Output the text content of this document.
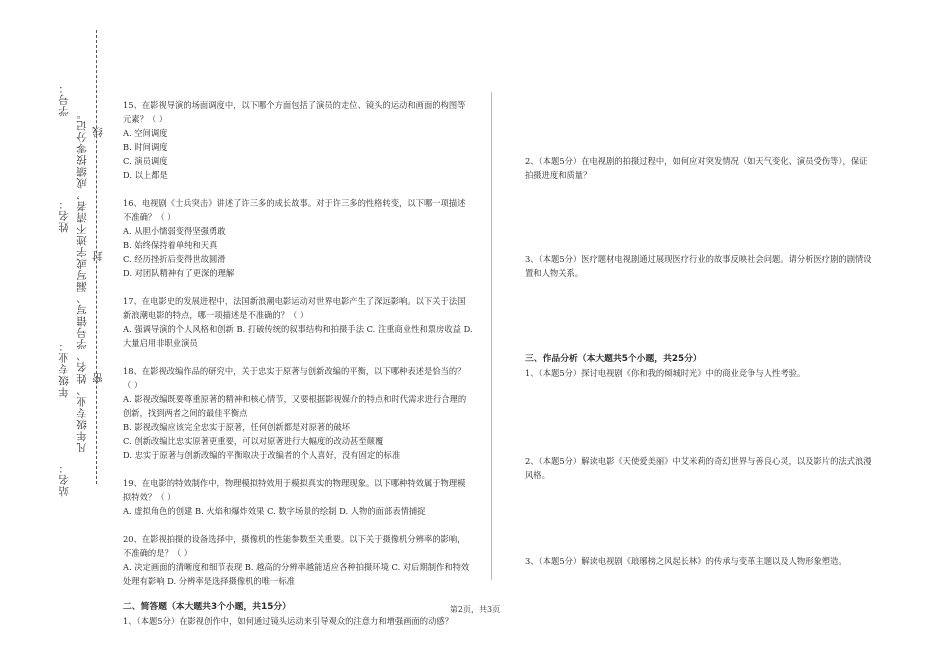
学号：
姓名：
年级专业：
站名：
凡年级专业、姓名、学号错写、漏写或字迹不清者，成绩按零分记。 密
封
线

15、在影视导演的场面调度中，以下哪个方面包括了演员的走位、镜头的运动和画面的构图等元素？（ ）

A. 空间调度

B. 时间调度

C. 演员调度

D. 以上都是

16、电视剧《士兵突击》讲述了许三多的成长故事。对于许三多的性格转变，以下哪一项描述不准确？（ ）

A. 从胆小懦弱变得坚强勇敢

B. 始终保持着单纯和天真

C. 经历挫折后变得世故圆滑

D. 对团队精神有了更深的理解

17、在电影史的发展进程中，法国新浪潮电影运动对世界电影产生了深远影响。以下关于法国新浪潮电影的特点，哪一项描述是不准确的？（ ）

A. 强调导演的个人风格和创新 B. 打破传统的叙事结构和拍摄手法 C. 注重商业性和票房收益 D. 大量启用非职业演员

18、在影视改编作品的研究中，关于忠实于原著与创新改编的平衡，以下哪种表述是恰当的？（ ）

A. 影视改编既要尊重原著的精神和核心情节，又要根据影视媒介的特点和时代需求进行合理的创新，找到两者之间的最佳平衡点

B. 影视改编应该完全忠实于原著，任何创新都是对原著的破坏

C. 创新改编比忠实原著更重要，可以对原著进行大幅度的改动甚至颠覆

D. 忠实于原著与创新改编的平衡取决于改编者的个人喜好，没有固定的标准

19、在电影的特效制作中，物理模拟特效用于模拟真实的物理现象。以下哪种特效属于物理模拟特效？（ ）

A. 虚拟角色的创建 B. 火焰和爆炸效果 C. 数字场景的绘制 D. 人物的面部表情捕捉

20、在影视拍摄的设备选择中，摄像机的性能参数至关重要。以下关于摄像机分辨率的影响，不准确的是？（ ）

A. 决定画面的清晰度和细节表现 B. 越高的分辨率越能适应各种拍摄环境 C. 对后期制作和特效处理有影响 D. 分辨率是选择摄像机的唯一标准

二、简答题（本大题共3个小题，共15分）

1、（本题5分）在影视创作中，如何通过镜头运动来引导观众的注意力和增强画面的动感？

2、（本题5分）在电视剧的拍摄过程中，如何应对突发情况（如天气变化、演员受伤等），保证拍摄进度和质量？

3、（本题5分）医疗题材电视剧通过展现医疗行业的故事反映社会问题。请分析医疗剧的剧情设置和人物关系。

三、作品分析（本大题共5个小题，共25分）

1、（本题5分）探讨电视剧《你和我的倾城时光》中的商业竞争与人性考验。

2、（本题5分）解读电影《天使爱美丽》中艾米莉的奇幻世界与善良心灵，以及影片的法式浪漫风格。

3、（本题5分）解读电视剧《琅琊榜之风起长林》的传承与变革主题以及人物形象塑造。

第2页，共3页
